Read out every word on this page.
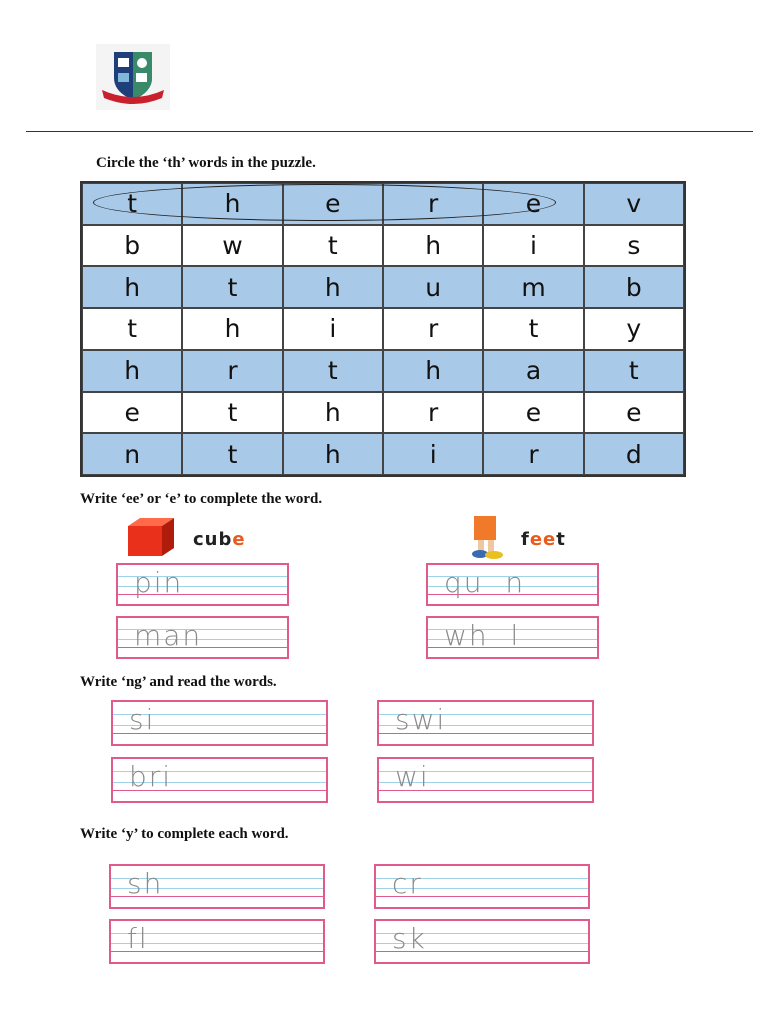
Circle the ‘th’ words in the puzzle.
t	h	e	r	e	v
b	w	t	h	i	s
h	t	h	u	m	b
t	h	i	r	t	y
h	r	t	h	a	t
e	t	h	r	e	e
n	t	h	i	r	d
Write ‘ee’ or ‘e’ to complete the word.
cube	feet
pin	qu  n
man	wh  l
Write ‘ng’ and read the words.
si	swi
bri	wi
Write ‘y’ to complete each word.
sh	cr
fl	sk
